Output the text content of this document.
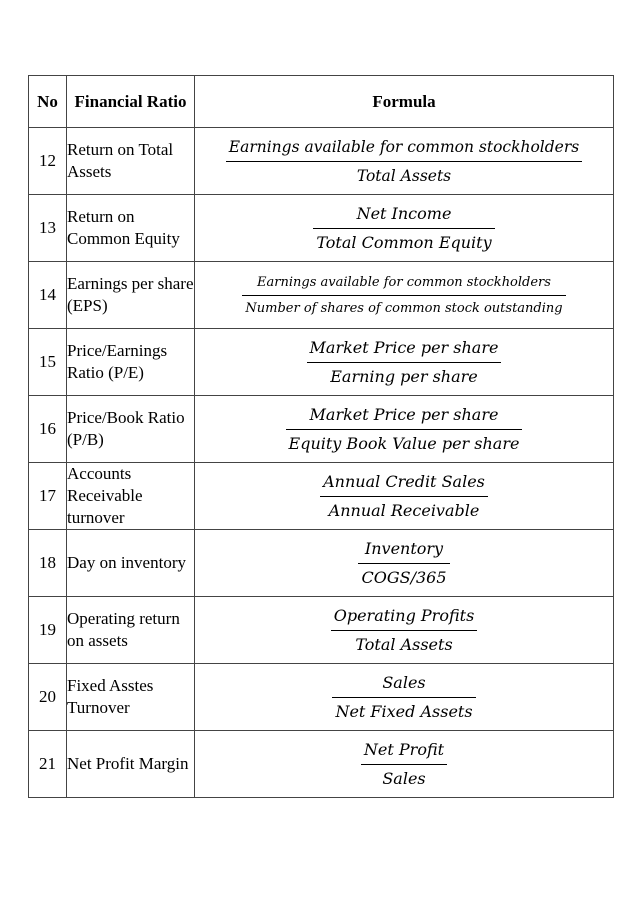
No	Financial Ratio	Formula
12	Return on Total Assets	$\frac{\text{Earnings available for common stockholders}}{\text{Total Assets}}$

13	Return on Common Equity	$\frac{\text{Net Income}}{\text{Total Common Equity}}$

14	Earnings per share (EPS)	$\frac{\text{Earnings available for common stockholders}}{\text{Number of shares of common stock outstanding}}$

15	Price/Earnings Ratio (P/E)	$\frac{\text{Market Price per share}}{\text{Earning per share}}$

16	Price/Book Ratio (P/B)	$\frac{\text{Market Price per share}}{\text{Equity Book Value per share}}$

17	Accounts Receivable turnover	$\frac{\text{Annual Credit Sales}}{\text{Annual Receivable}}$

18	Day on inventory	$\frac{\text{Inventory}}{\text{COGS/365}}$

19	Operating return on assets	$\frac{\text{Operating Profits}}{\text{Total Assets}}$

20	Fixed Asstes Turnover	$\frac{\text{Sales}}{\text{Net Fixed Assets}}$

21	Net Profit Margin	$\frac{\text{Net Profit}}{\text{Sales}}$
